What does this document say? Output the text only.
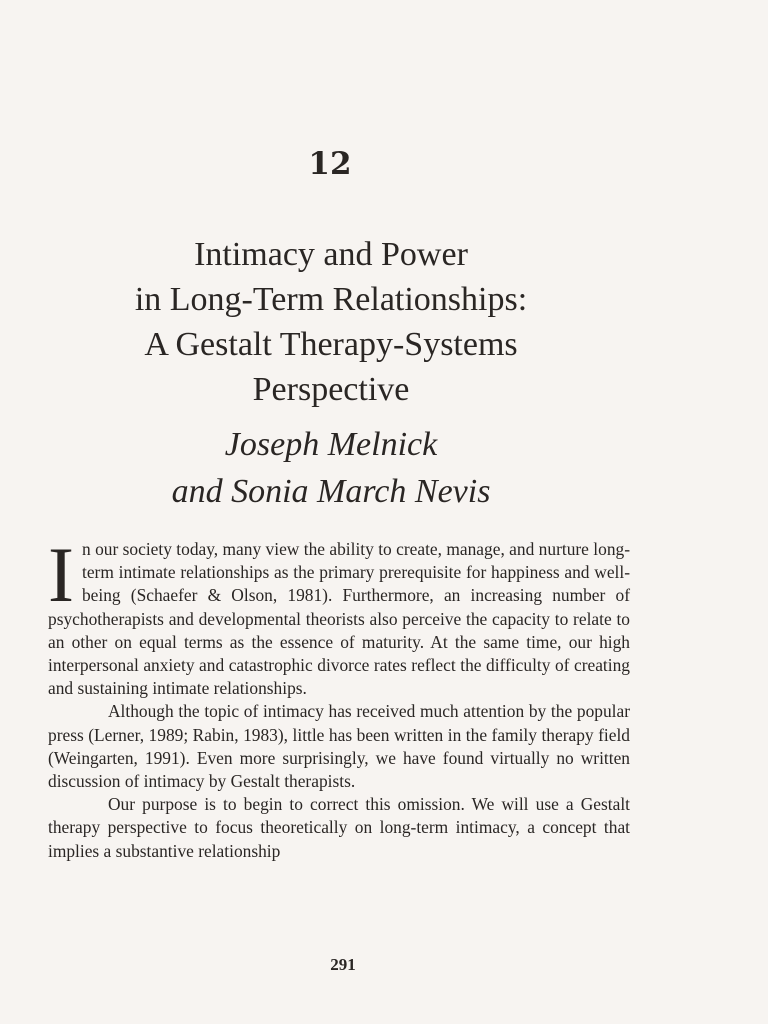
12
Intimacy and Power
in Long-Term Relationships:
A Gestalt Therapy-Systems
Perspective
Joseph Melnick
and Sonia March Nevis

In our society today, many view the ability to create, manage, and nurture long-term intimate relationships as the primary prerequisite for happiness and well-being (Schaefer & Olson, 1981). Furthermore, an increasing number of psychotherapists and developmental theorists also perceive the capacity to relate to an other on equal terms as the essence of maturity. At the same time, our high interpersonal anxiety and catastrophic divorce rates reflect the difficulty of creating and sustaining intimate relationships.

Although the topic of intimacy has received much attention by the popular press (Lerner, 1989; Rabin, 1983), little has been written in the family therapy field (Weingarten, 1991). Even more surprisingly, we have found virtually no written discussion of intimacy by Gestalt therapists.

Our purpose is to begin to correct this omission. We will use a Gestalt therapy perspective to focus theoretically on long-term intimacy, a concept that implies a substantive relationship

291
